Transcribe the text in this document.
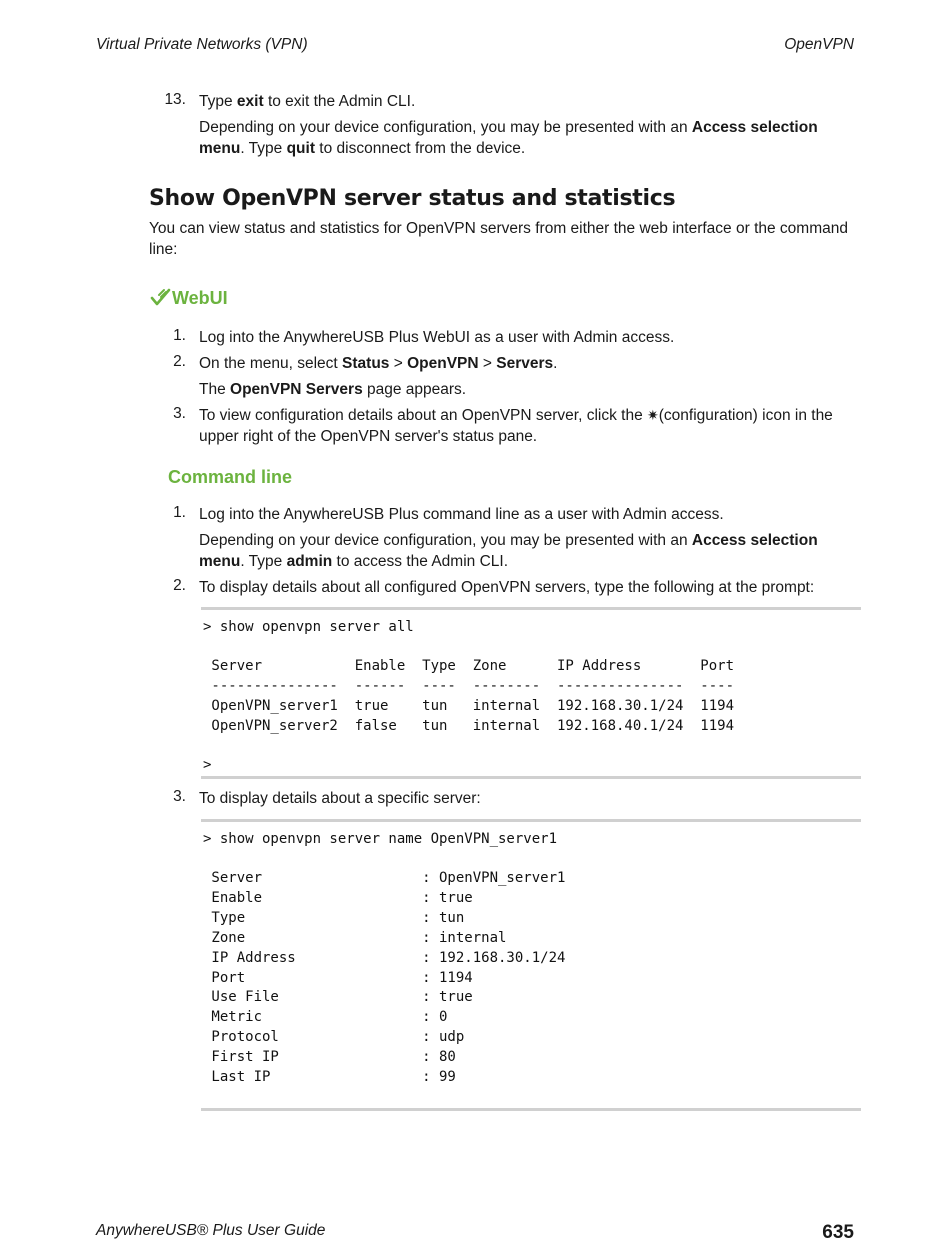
Virtual Private Networks (VPN)	OpenVPN
13. Type exit to exit the Admin CLI.
Depending on your device configuration, you may be presented with an Access selection menu. Type quit to disconnect from the device.
Show OpenVPN server status and statistics
You can view status and statistics for OpenVPN servers from either the web interface or the command line:
WebUI
1. Log into the AnywhereUSB Plus WebUI as a user with Admin access.
2. On the menu, select Status > OpenVPN > Servers.
The OpenVPN Servers page appears.
3. To view configuration details about an OpenVPN server, click the ✷(configuration) icon in the upper right of the OpenVPN server's status pane.
Command line
1. Log into the AnywhereUSB Plus command line as a user with Admin access.
Depending on your device configuration, you may be presented with an Access selection menu. Type admin to access the Admin CLI.
2. To display details about all configured OpenVPN servers, type the following at the prompt:

> show openvpn server all

Server           Enable  Type  Zone      IP Address       Port

---------------  ------  ----  --------  ---------------  ----

OpenVPN_server1  true    tun   internal  192.168.30.1/24  1194

OpenVPN_server2  false   tun   internal  192.168.40.1/24  1194

>

3. To display details about a specific server:

> show openvpn server name OpenVPN_server1

Server                   : OpenVPN_server1

Enable                   : true

Type                     : tun

Zone                     : internal

IP Address               : 192.168.30.1/24

Port                     : 1194

Use File                 : true

Metric                   : 0

Protocol                 : udp

First IP                 : 80

Last IP                  : 99

AnywhereUSB® Plus User Guide	635
